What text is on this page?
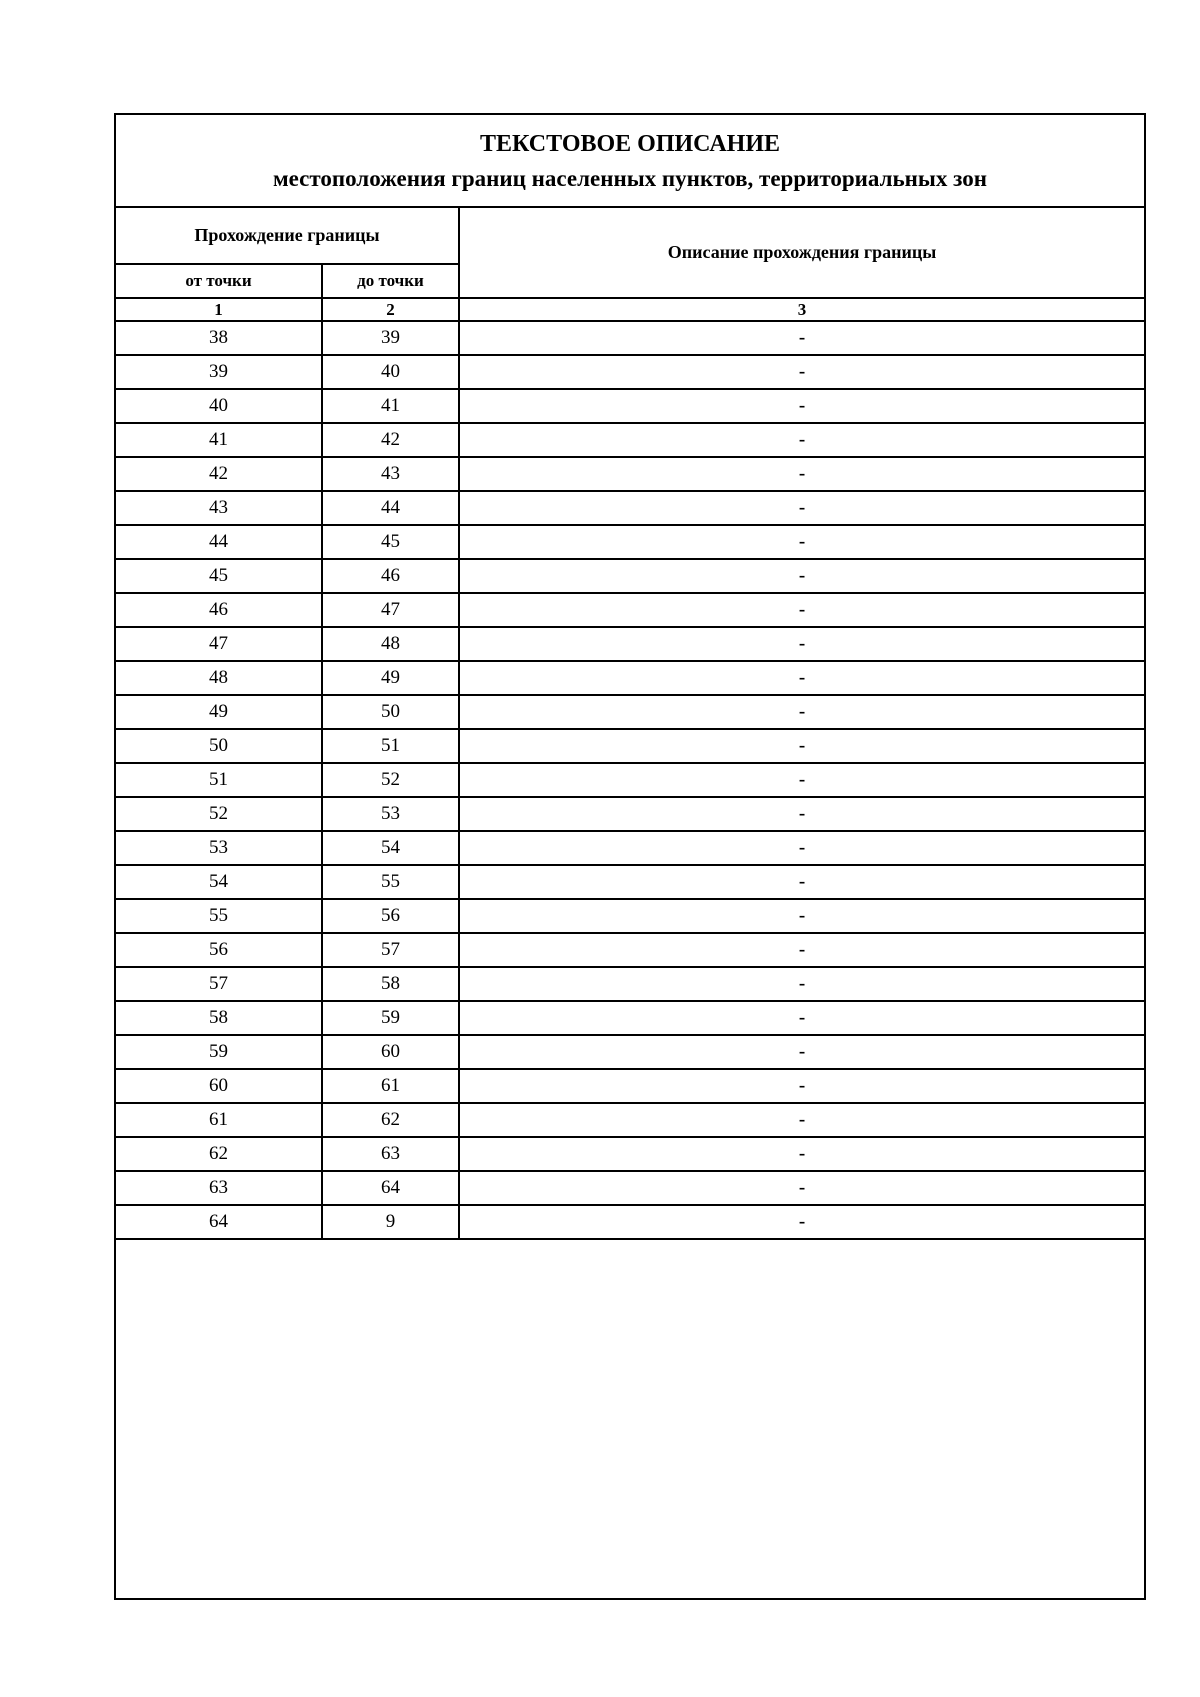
ТЕКСТОВОЕ ОПИСАНИЕ
местоположения границ населенных пунктов, территориальных зон
Прохождение границы		Описание прохождения границы
от точки	до точки	
1	2	3
38	39	-
39	40	-
40	41	-
41	42	-
42	43	-
43	44	-
44	45	-
45	46	-
46	47	-
47	48	-
48	49	-
49	50	-
50	51	-
51	52	-
52	53	-
53	54	-
54	55	-
55	56	-
56	57	-
57	58	-
58	59	-
59	60	-
60	61	-
61	62	-
62	63	-
63	64	-
64	9	-
